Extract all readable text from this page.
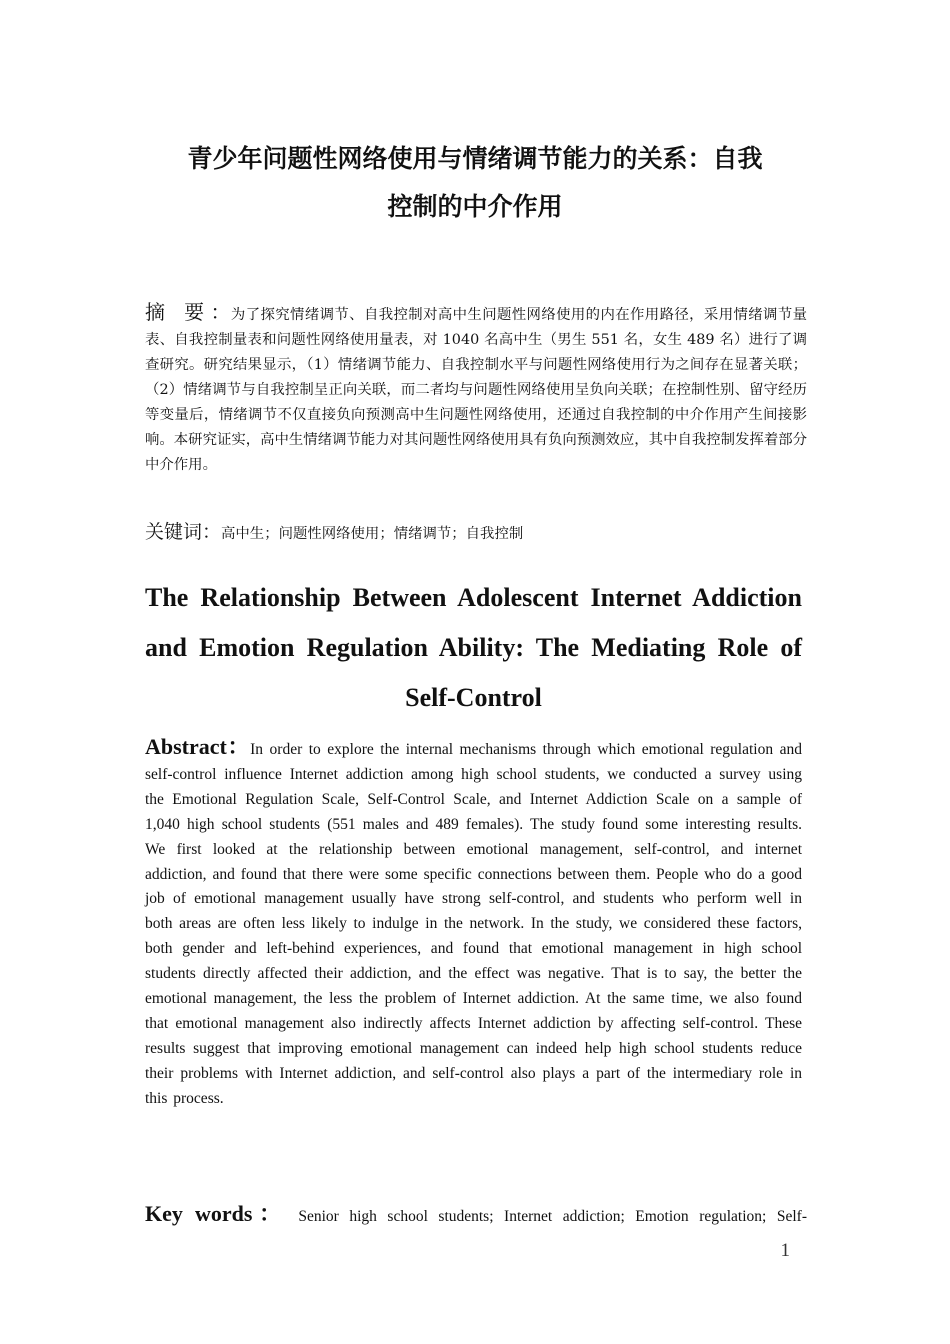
青少年问题性网络使用与情绪调节能力的关系：自我
控制的中介作用

摘 要：为了探究情绪调节、自我控制对高中生问题性网络使用的内在作用路径，采用情绪调节量表、自我控制量表和问题性网络使用量表，对 1040 名高中生（男生 551 名，女生 489 名）进行了调查研究。研究结果显示，（1）情绪调节能力、自我控制水平与问题性网络使用行为之间存在显著关联；（2）情绪调节与自我控制呈正向关联，而二者均与问题性网络使用呈负向关联；在控制性别、留守经历等变量后，情绪调节不仅直接负向预测高中生问题性网络使用，还通过自我控制的中介作用产生间接影响。本研究证实，高中生情绪调节能力对其问题性网络使用具有负向预测效应，其中自我控制发挥着部分中介作用。

关键词：高中生；问题性网络使用；情绪调节；自我控制

The Relationship Between Adolescent Internet Addiction and Emotion Regulation Ability: The Mediating Role of Self-Control

Abstract：In order to explore the internal mechanisms through which emotional regulation and self-control influence Internet addiction among high school students, we conducted a survey using the Emotional Regulation Scale, Self-Control Scale, and Internet Addiction Scale on a sample of 1,040 high school students (551 males and 489 females). The study found some interesting results. We first looked at the relationship between emotional management, self-control, and internet addiction, and found that there were some specific connections between them. People who do a good job of emotional management usually have strong self-control, and students who perform well in both areas are often less likely to indulge in the network. In the study, we considered these factors, both gender and left-behind experiences, and found that emotional management in high school students directly affected their addiction, and the effect was negative. That is to say, the better the emotional management, the less the problem of Internet addiction. At the same time, we also found that emotional management also indirectly affects Internet addiction by affecting self-control. These results suggest that improving emotional management can indeed help high school students reduce their problems with Internet addiction, and self-control also plays a part of the intermediary role in this process.

Key words： Senior high school students; Internet addiction; Emotion regulation; Self-

1
